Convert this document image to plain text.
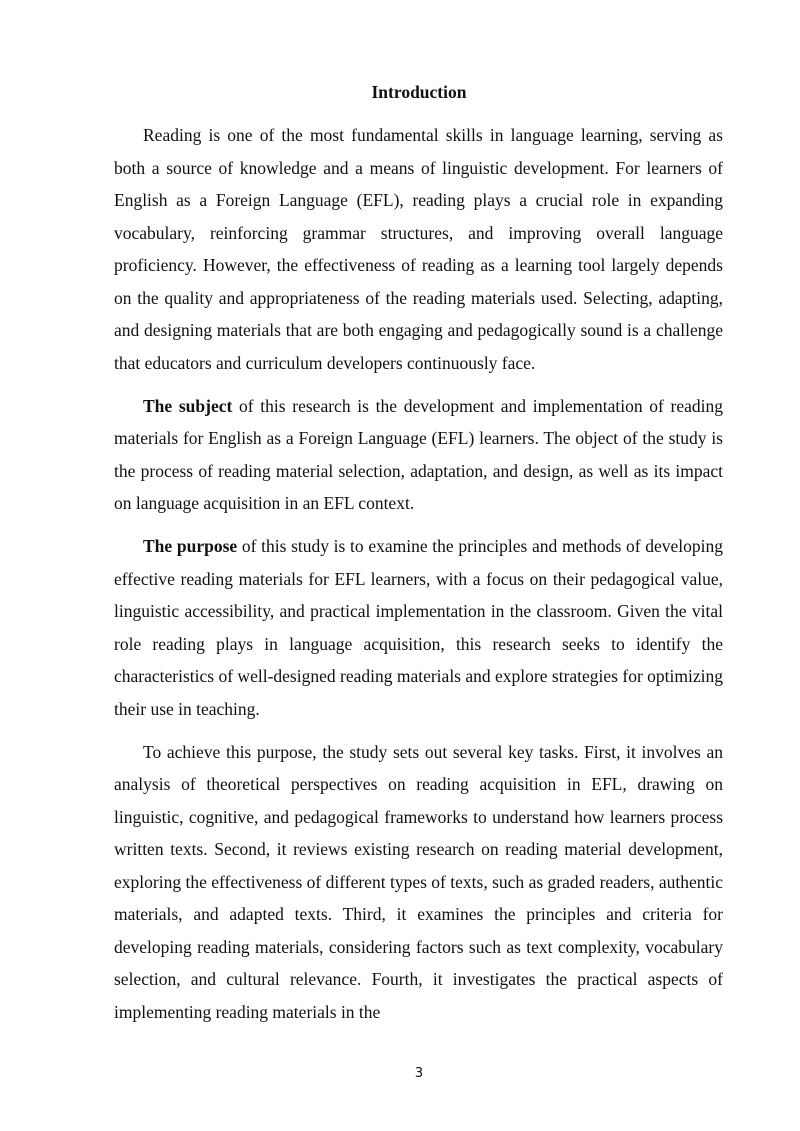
Introduction

Reading is one of the most fundamental skills in language learning, serving as both a source of knowledge and a means of linguistic development. For learners of English as a Foreign Language (EFL), reading plays a crucial role in expanding vocabulary, reinforcing grammar structures, and improving overall language proficiency. However, the effectiveness of reading as a learning tool largely depends on the quality and appropriateness of the reading materials used. Selecting, adapting, and designing materials that are both engaging and pedagogically sound is a challenge that educators and curriculum developers continuously face.

The subject of this research is the development and implementation of reading materials for English as a Foreign Language (EFL) learners. The object of the study is the process of reading material selection, adaptation, and design, as well as its impact on language acquisition in an EFL context.

The purpose of this study is to examine the principles and methods of developing effective reading materials for EFL learners, with a focus on their pedagogical value, linguistic accessibility, and practical implementation in the classroom. Given the vital role reading plays in language acquisition, this research seeks to identify the characteristics of well-designed reading materials and explore strategies for optimizing their use in teaching.

To achieve this purpose, the study sets out several key tasks. First, it involves an analysis of theoretical perspectives on reading acquisition in EFL, drawing on linguistic, cognitive, and pedagogical frameworks to understand how learners process written texts. Second, it reviews existing research on reading material development, exploring the effectiveness of different types of texts, such as graded readers, authentic materials, and adapted texts. Third, it examines the principles and criteria for developing reading materials, considering factors such as text complexity, vocabulary selection, and cultural relevance. Fourth, it investigates the practical aspects of implementing reading materials in the

3
